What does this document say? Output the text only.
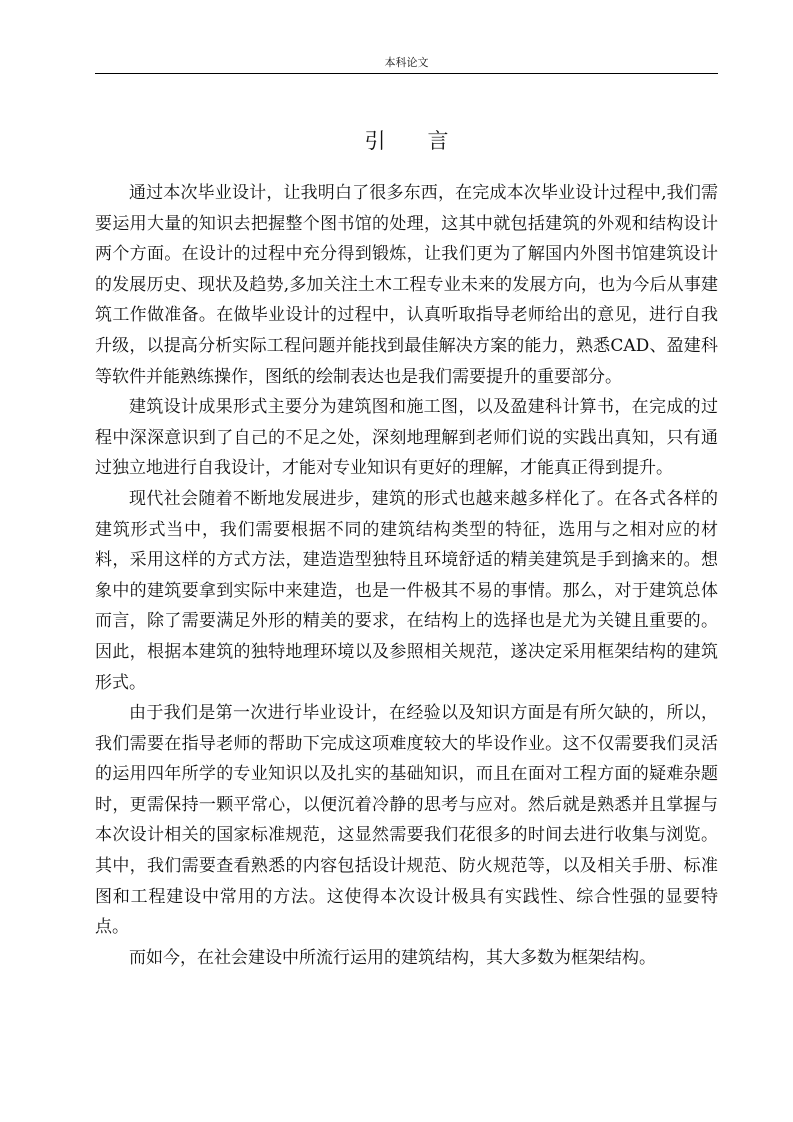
本科论文
引言

通过本次毕业设计，让我明白了很多东西，在完成本次毕业设计过程中,我们需要运用大量的知识去把握整个图书馆的处理，这其中就包括建筑的外观和结构设计两个方面。在设计的过程中充分得到锻炼，让我们更为了解国内外图书馆建筑设计的发展历史、现状及趋势,多加关注土木工程专业未来的发展方向，也为今后从事建筑工作做准备。在做毕业设计的过程中，认真听取指导老师给出的意见，进行自我升级，以提高分析实际工程问题并能找到最佳解决方案的能力，熟悉CAD、盈建科等软件并能熟练操作，图纸的绘制表达也是我们需要提升的重要部分。

建筑设计成果形式主要分为建筑图和施工图，以及盈建科计算书，在完成的过程中深深意识到了自己的不足之处，深刻地理解到老师们说的实践出真知，只有通过独立地进行自我设计，才能对专业知识有更好的理解，才能真正得到提升。

现代社会随着不断地发展进步，建筑的形式也越来越多样化了。在各式各样的建筑形式当中，我们需要根据不同的建筑结构类型的特征，选用与之相对应的材料，采用这样的方式方法，建造造型独特且环境舒适的精美建筑是手到擒来的。想象中的建筑要拿到实际中来建造，也是一件极其不易的事情。那么，对于建筑总体而言，除了需要满足外形的精美的要求，在结构上的选择也是尤为关键且重要的。因此，根据本建筑的独特地理环境以及参照相关规范，遂决定采用框架结构的建筑形式。

由于我们是第一次进行毕业设计，在经验以及知识方面是有所欠缺的，所以，我们需要在指导老师的帮助下完成这项难度较大的毕设作业。这不仅需要我们灵活的运用四年所学的专业知识以及扎实的基础知识，而且在面对工程方面的疑难杂题时，更需保持一颗平常心，以便沉着冷静的思考与应对。然后就是熟悉并且掌握与本次设计相关的国家标准规范，这显然需要我们花很多的时间去进行收集与浏览。其中，我们需要查看熟悉的内容包括设计规范、防火规范等，以及相关手册、标准图和工程建设中常用的方法。这使得本次设计极具有实践性、综合性强的显要特点。

而如今，在社会建设中所流行运用的建筑结构，其大多数为框架结构。
